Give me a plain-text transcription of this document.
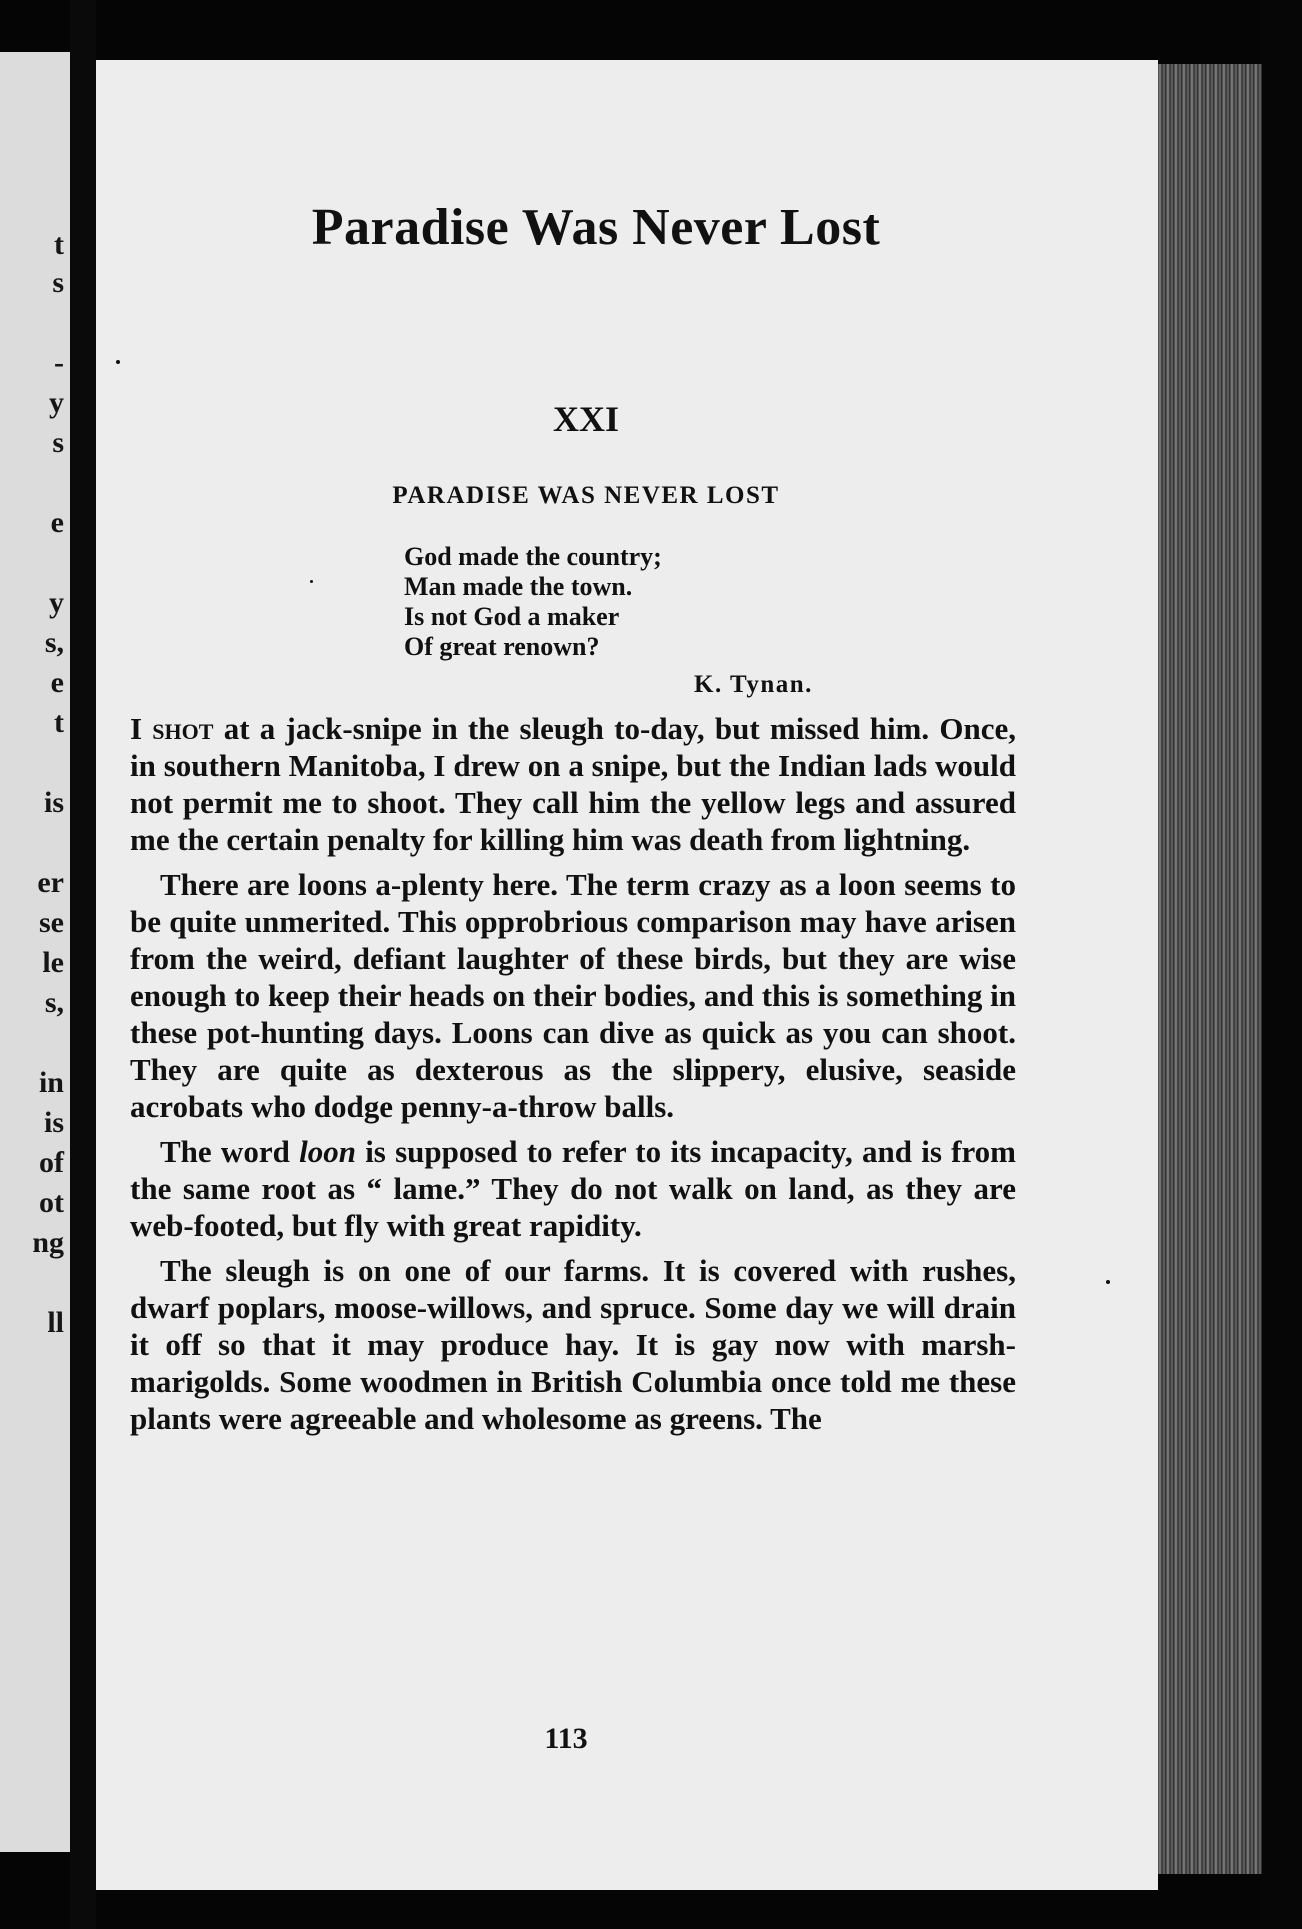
t
s
-
y
s
e
y
s,
e
t
is
er
se
le
s,
in
is
of
ot
ng
ll
Paradise Was Never Lost
XXI
PARADISE WAS NEVER LOST
God made the country;
Man made the town.
Is not God a maker
Of great renown?
K. Tynan.

I shot at a jack-snipe in the sleugh to-day, but missed him. Once, in southern Manitoba, I drew on a snipe, but the Indian lads would not permit me to shoot. They call him the yellow legs and assured me the certain penalty for killing him was death from lightning.

There are loons a-plenty here. The term crazy as a loon seems to be quite unmerited. This opprobrious comparison may have arisen from the weird, defiant laughter of these birds, but they are wise enough to keep their heads on their bodies, and this is something in these pot-hunting days. Loons can dive as quick as you can shoot. They are quite as dexterous as the slippery, elusive, seaside acrobats who dodge penny-a-throw balls.

The word loon is supposed to refer to its incapacity, and is from the same root as “ lame.” They do not walk on land, as they are web-footed, but fly with great rapidity.

The sleugh is on one of our farms. It is covered with rushes, dwarf poplars, moose-willows, and spruce. Some day we will drain it off so that it may produce hay. It is gay now with marsh-marigolds. Some woodmen in British Columbia once told me these plants were agreeable and wholesome as greens. The

113
